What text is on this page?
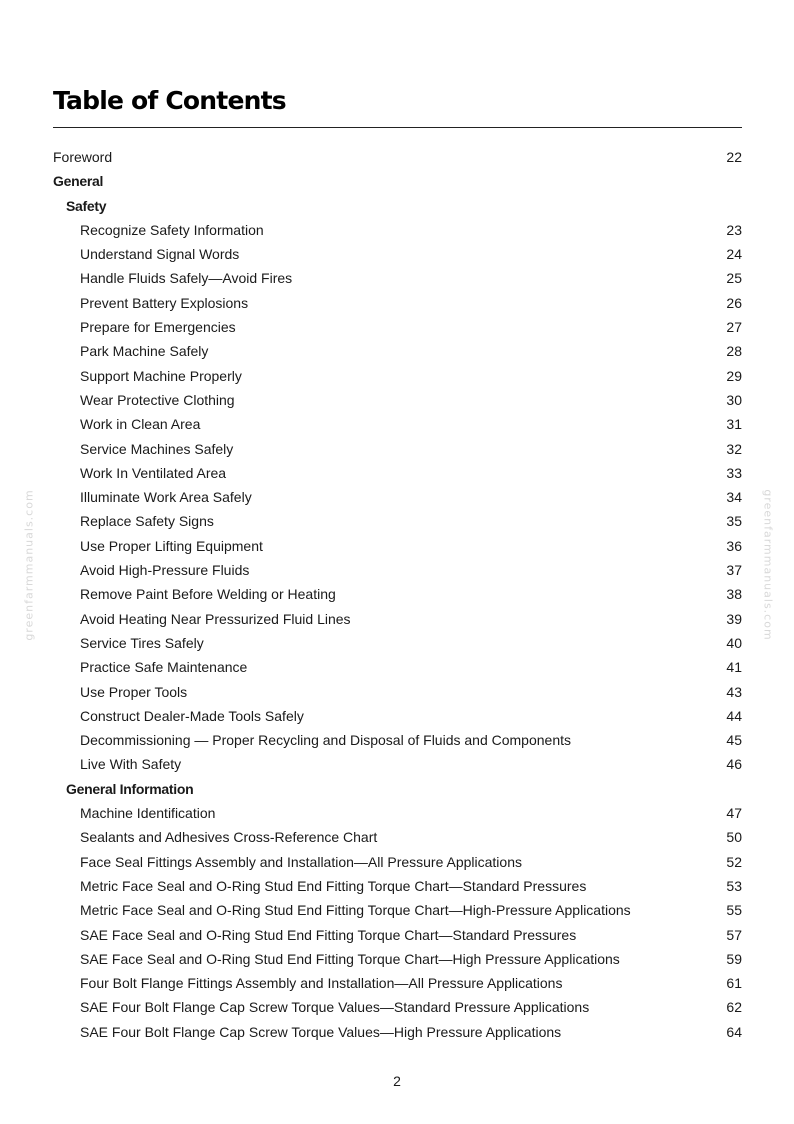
Table of Contents
Foreword	22
General
Safety
Recognize Safety Information	23
Understand Signal Words	24
Handle Fluids Safely—Avoid Fires	25
Prevent Battery Explosions	26
Prepare for Emergencies	27
Park Machine Safely	28
Support Machine Properly	29
Wear Protective Clothing	30
Work in Clean Area	31
Service Machines Safely	32
Work In Ventilated Area	33
Illuminate Work Area Safely	34
Replace Safety Signs	35
Use Proper Lifting Equipment	36
Avoid High-Pressure Fluids	37
Remove Paint Before Welding or Heating	38
Avoid Heating Near Pressurized Fluid Lines	39
Service Tires Safely	40
Practice Safe Maintenance	41
Use Proper Tools	43
Construct Dealer-Made Tools Safely	44
Decommissioning — Proper Recycling and Disposal of Fluids and Components	45
Live With Safety	46
General Information
Machine Identification	47
Sealants and Adhesives Cross-Reference Chart	50
Face Seal Fittings Assembly and Installation—All Pressure Applications	52
Metric Face Seal and O-Ring Stud End Fitting Torque Chart—Standard Pressures	53
Metric Face Seal and O-Ring Stud End Fitting Torque Chart—High-Pressure Applications	55
SAE Face Seal and O-Ring Stud End Fitting Torque Chart—Standard Pressures	57
SAE Face Seal and O-Ring Stud End Fitting Torque Chart—High Pressure Applications	59
Four Bolt Flange Fittings Assembly and Installation—All Pressure Applications	61
SAE Four Bolt Flange Cap Screw Torque Values—Standard Pressure Applications	62
SAE Four Bolt Flange Cap Screw Torque Values—High Pressure Applications	64
2
greenfarmmanuals.com	greenfarmmanuals.com
